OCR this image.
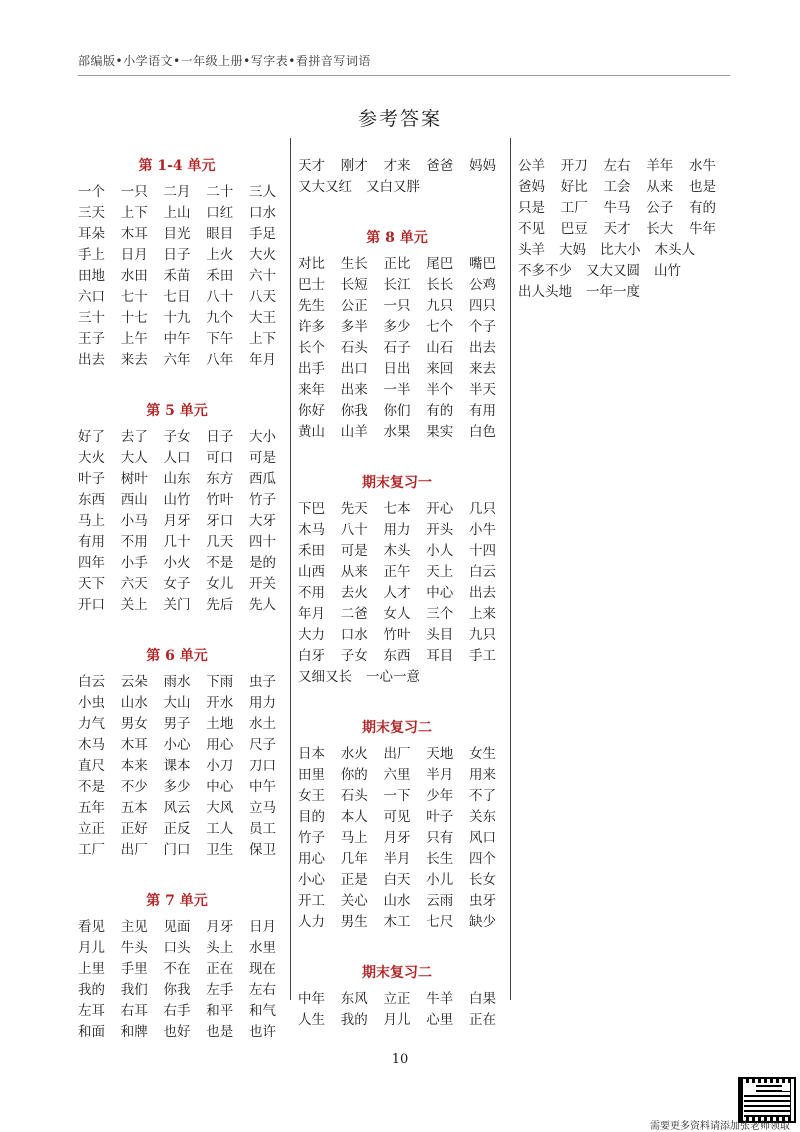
部编版•小学语文•一年级上册•写字表•看拼音写词语
参考答案
第 1-4 单元
一个 一只 二月 二十 三人
三天 上下 上山 口红 口水
耳朵 木耳 目光 眼目 手足
手上 日月 日子 上火 大火
田地 水田 禾苗 禾田 六十
六口 七十 七日 八十 八天
三十 十七 十九 九个 大王
王子 上午 中午 下午 上下
出去 来去 六年 八年 年月
第 5 单元
好了 去了 子女 日子 大小
大火 大人 人口 可口 可是
叶子 树叶 山东 东方 西瓜
东西 西山 山竹 竹叶 竹子
马上 小马 月牙 牙口 大牙
有用 不用 几十 几天 四十
四年 小手 小火 不是 是的
天下 六天 女子 女儿 开关
开口 关上 关门 先后 先人
第 6 单元
白云 云朵 雨水 下雨 虫子
小虫 山水 大山 开水 用力
力气 男女 男子 土地 水土
木马 木耳 小心 用心 尺子
直尺 本来 课本 小刀 刀口
不是 不少 多少 中心 中午
五年 五本 风云 大风 立马
立正 正好 正反 工人 员工
工厂 出厂 门口 卫生 保卫
第 7 单元
看见 主见 见面 月牙 日月
月儿 牛头 口头 头上 水里
上里 手里 不在 正在 现在
我的 我们 你我 左手 左右
左耳 右耳 右手 和平 和气
和面 和牌 也好 也是 也许
天才 刚才 才来 爸爸 妈妈
又大又红 又白又胖
第 8 单元
对比 生长 正比 尾巴 嘴巴
巴士 长短 长江 长长 公鸡
先生 公正 一只 九只 四只
许多 多半 多少 七个 个子
长个 石头 石子 山石 出去
出手 出口 日出 来回 来去
来年 出来 一半 半个 半天
你好 你我 你们 有的 有用
黄山 山羊 水果 果实 白色
期末复习一
下巴 先天 七本 开心 几只
木马 八十 用力 开头 小牛
禾田 可是 木头 小人 十四
山西 从来 正午 天上 白云
不用 去火 人才 中心 出去
年月 二爸 女人 三个 上来
大力 口水 竹叶 头目 九只
白牙 子女 东西 耳目 手工
又细又长 一心一意
期末复习二
日本 水火 出厂 天地 女生
田里 你的 六里 半月 用来
女王 石头 一下 少年 不了
目的 本人 可见 叶子 关东
竹子 马上 月牙 只有 风口
用心 几年 半月 长生 四个
小心 正是 白天 小儿 长女
开工 关心 山水 云雨 虫牙
人力 男生 木工 七尺 缺少
期末复习二
中年 东风 立正 牛羊 白果
人生 我的 月儿 心里 正在
公羊 开刀 左右 羊年 水牛
爸妈 好比 工会 从来 也是
只是 工厂 牛马 公子 有的
不见 巴豆 天才 长大 牛年
头羊 大妈 比大小 木头人
不多不少 又大又圆 山竹
出人头地 一年一度
10
需要更多资料请添加张老师领取
